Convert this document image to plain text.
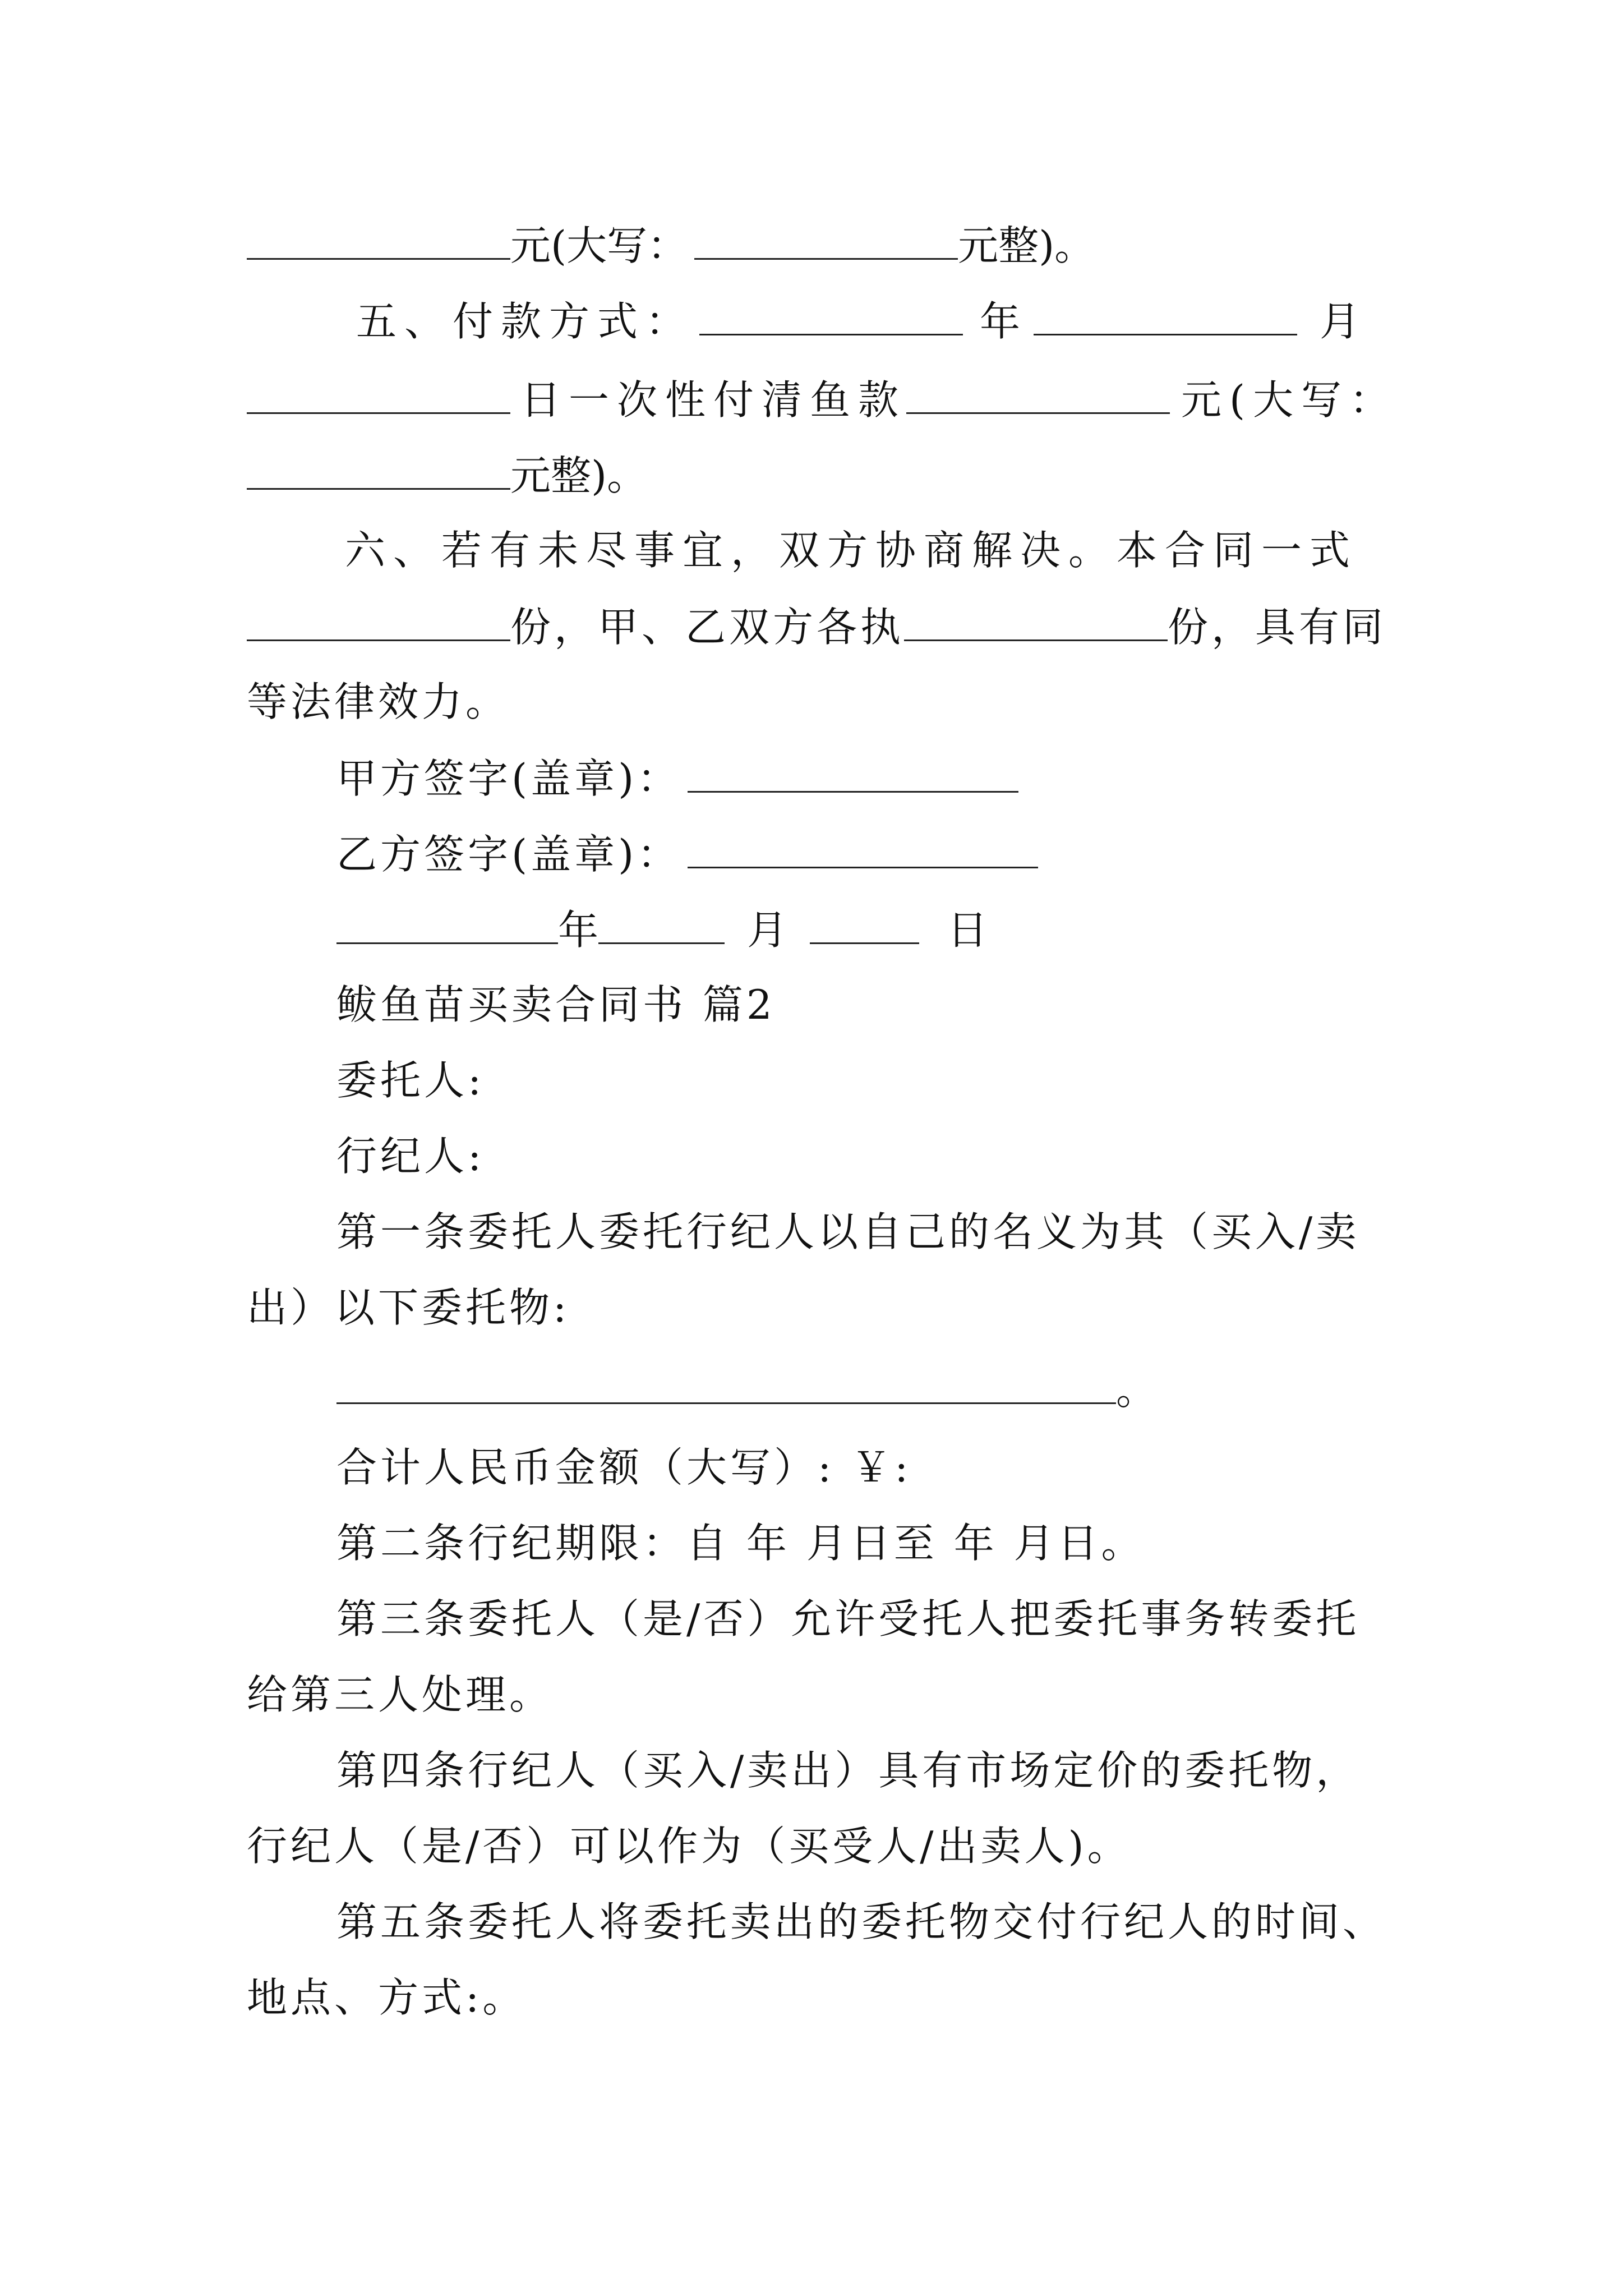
元(大写：	元整)。
五、付款方式：	年	月
日一次性付清鱼款	元(大写：
元整)。
六、若有未尽事宜，双方协商解决。本合同一式
份，甲、乙双方各执	份，具有同
等法律效力。
甲方签字(盖章)：
乙方签字(盖章)：
年	月	日
鲅鱼苗买卖合同书 篇2
委托人:
行纪人:
第一条委托人委托行纪人以自己的名义为其（买入/卖
出）以下委托物:
。
合计人民币金额（大写）: ￥:
第二条行纪期限：自 年 月日至 年 月日。
第三条委托人（是/否）允许受托人把委托事务转委托
给第三人处理。
第四条行纪人（买入/卖出）具有市场定价的委托物，
行纪人（是/否）可以作为（买受人/出卖人)。
第五条委托人将委托卖出的委托物交付行纪人的时间、
地点、方式:。
